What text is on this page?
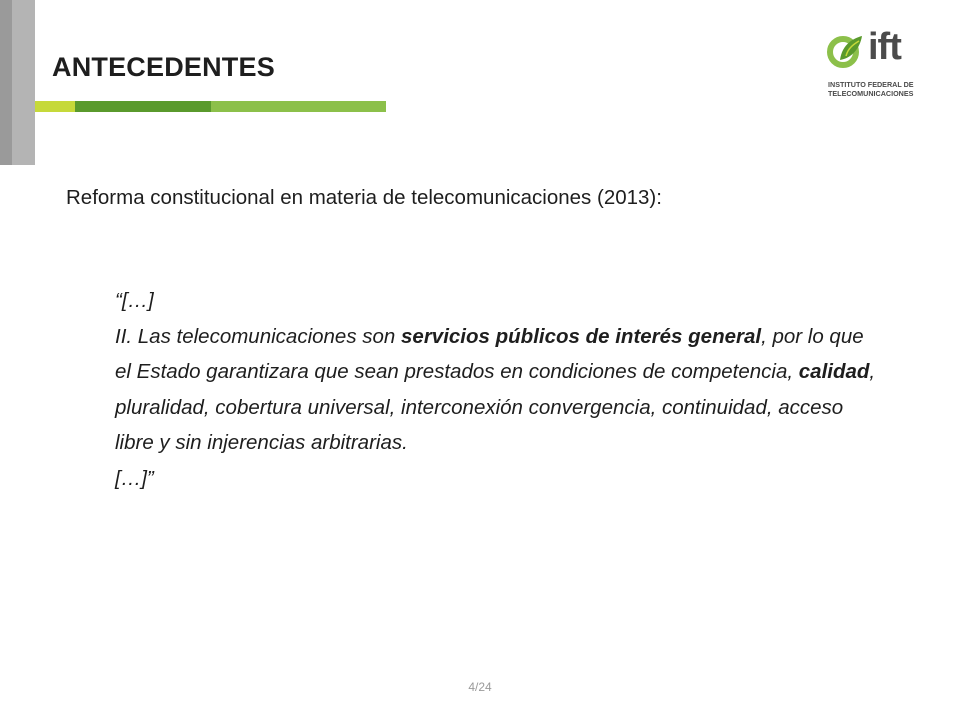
ANTECEDENTES	ift
INSTITUTO FEDERAL DE
TELECOMUNICACIONES
Reforma constitucional en materia de telecomunicaciones (2013):

“[…]

II. Las telecomunicaciones son servicios públicos de interés general, por lo que el Estado garantizara que sean prestados en condiciones de competencia, calidad, pluralidad, cobertura universal, interconexión convergencia, continuidad, acceso libre y sin injerencias arbitrarias.

[…]”

4/24
